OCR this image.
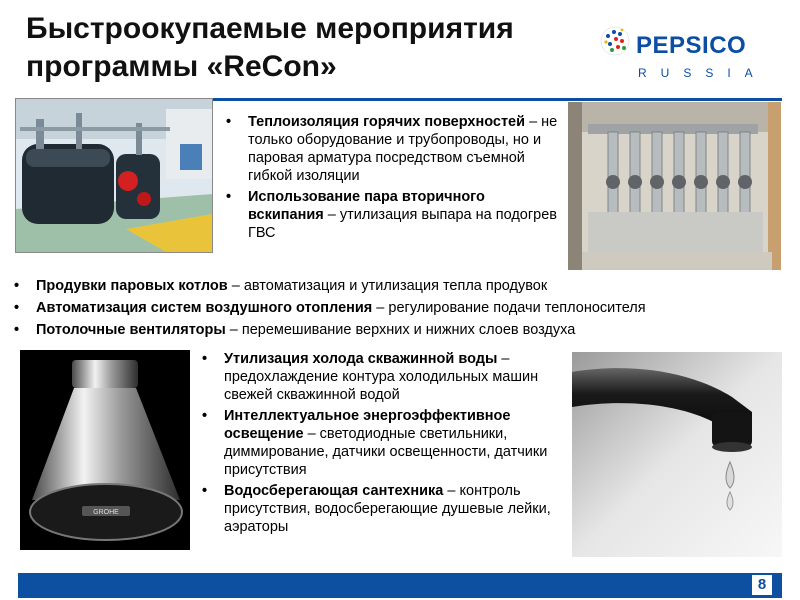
Быстроокупаемые мероприятия
программы «ReCon»
PEPSICO
RUSSIA
• Теплоизоляция горячих поверхностей – не только оборудование и трубопроводы, но и паровая арматура посредством съемной гибкой изоляции
• Использование пара вторичного вскипания – утилизация выпара на подогрев ГВС
• Продувки паровых котлов – автоматизация и утилизация тепла продувок
• Автоматизация систем воздушного отопления – регулирование подачи теплоносителя
• Потолочные вентиляторы – перемешивание верхних и нижних слоев воздуха
GROHE
• Утилизация холода скважинной воды – предохлаждение контура холодильных машин свежей скважинной водой
• Интеллектуальное энергоэффективное освещение – светодиодные светильники, диммирование, датчики освещенности, датчики присутствия
• Водосберегающая сантехника – контроль присутствия, водосберегающие душевые лейки, аэраторы
8
